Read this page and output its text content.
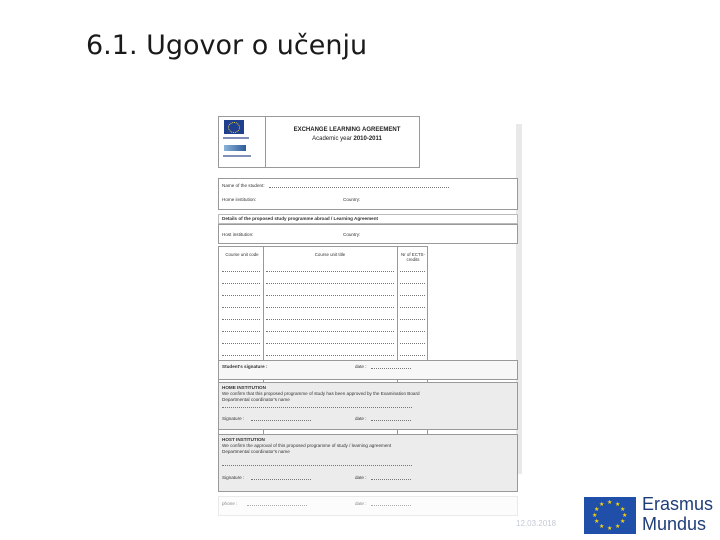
6.1. Ugovor o učenju
EXCHANGE LEARNING AGREEMENT
Academic year 2010-2011
Name of the student:
Home institution:	Country:
Details of the proposed study programme abroad / Learning Agreement
Host institution:	Country:
Course unit code	Course unit title	Nr of ECTS-
credits
Student's signature :	date :
HOME INSTITUTION
We confirm that this proposed programme of study has been approved by the Examination Board
Departmental coordinator's name
Signature :	date :
HOST INSTITUTION
We confirm the approval of this proposed programme of study / learning agreement
Departmental coordinator's name
Signature :	date :
phone :	date :
12.03.2018
★ ★
★
★
★
★
★
★
★
★
★
★ Erasmus
Mundus
